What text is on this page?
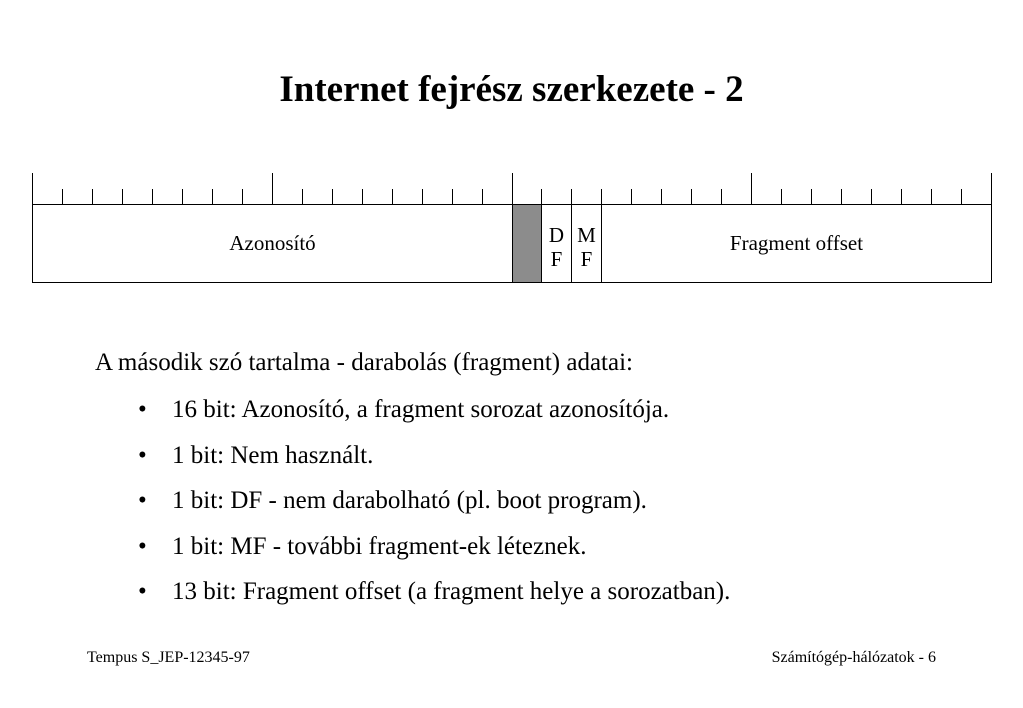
Internet fejrész szerkezete - 2
Azonosító	D
F
M
F
Fragment offset
A második szó tartalma - darabolás (fragment) adatai:
• 16 bit: Azonosító, a fragment sorozat azonosítója.
• 1 bit: Nem használt.
• 1 bit: DF - nem darabolható (pl. boot program).
• 1 bit: MF - további fragment-ek léteznek.
• 13 bit: Fragment offset (a fragment helye a sorozatban).
Tempus S_JEP-12345-97	Számítógép-hálózatok - 6
